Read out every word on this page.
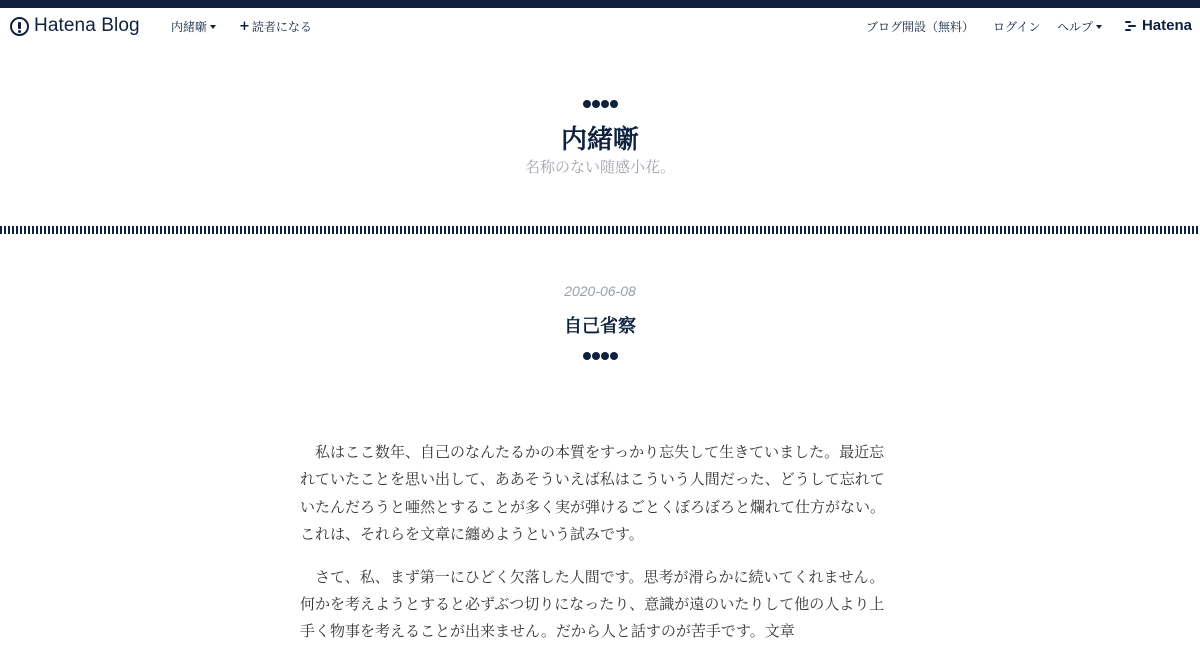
Hatena Blog	内緒噺 + 読者になる	ブログ開設（無料） ログイン ヘルプ	Hatena
内緒噺

名称のない随感小花。

2020-06-08
自己省察

私はここ数年、自己のなんたるかの本質をすっかり忘失して生きていました。最近忘れていたことを思い出して、ああそういえば私はこういう人間だった、どうして忘れていたんだろうと唖然とすることが多く実が弾けるごとくぼろぼろと爛れて仕方がない。これは、それらを文章に纏めようという試みです。

さて、私、まず第一にひどく欠落した人間です。思考が滑らかに続いてくれません。何かを考えようとすると必ずぶつ切りになったり、意識が遠のいたりして他の人より上手く物事を考えることが出来ません。だから人と話すのが苦手です。文章
